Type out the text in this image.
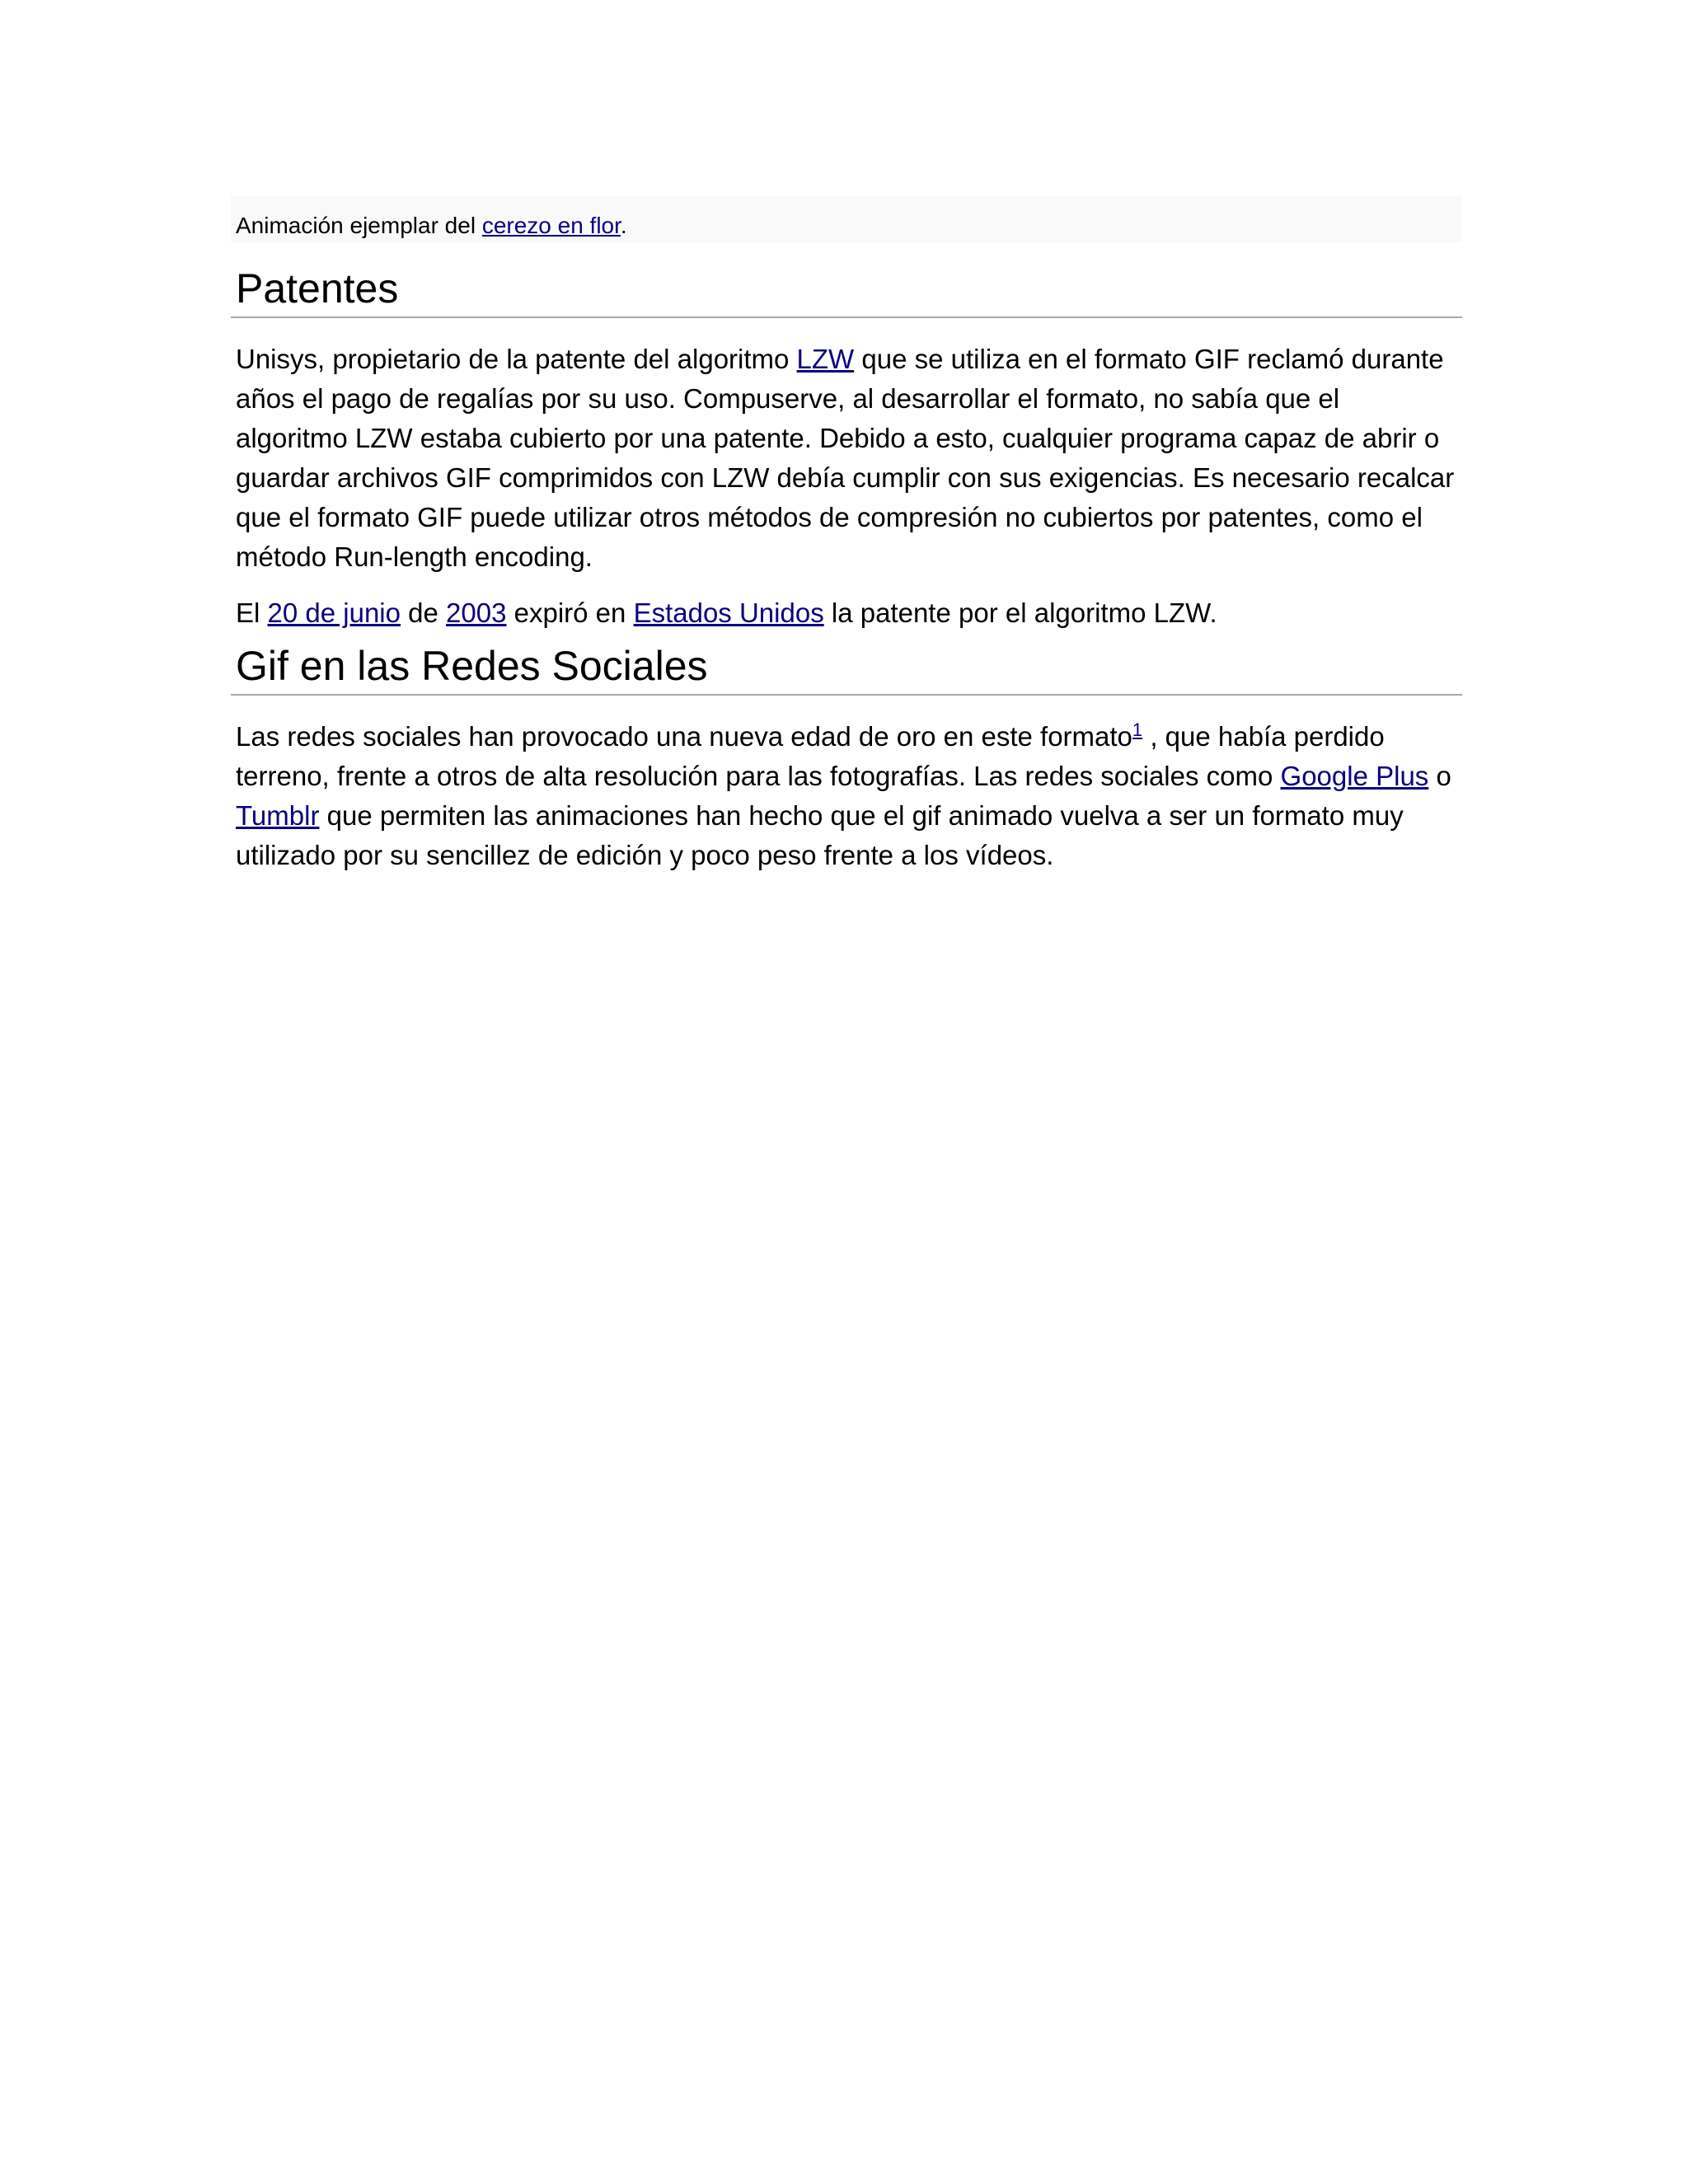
Animación ejemplar del cerezo en flor.
Patentes

Unisys, propietario de la patente del algoritmo LZW que se utiliza en el formato GIF reclamó durante años el pago de regalías por su uso. Compuserve, al desarrollar el formato, no sabía que el algoritmo LZW estaba cubierto por una patente. Debido a esto, cualquier programa capaz de abrir o guardar archivos GIF comprimidos con LZW debía cumplir con sus exigencias. Es necesario recalcar que el formato GIF puede utilizar otros métodos de compresión no cubiertos por patentes, como el método Run-length encoding.

El 20 de junio de 2003 expiró en Estados Unidos la patente por el algoritmo LZW.

Gif en las Redes Sociales

Las redes sociales han provocado una nueva edad de oro en este formato$^1$ , que había perdido terreno, frente a otros de alta resolución para las fotografías. Las redes sociales como Google Plus o Tumblr que permiten las animaciones han hecho que el gif animado vuelva a ser un formato muy utilizado por su sencillez de edición y poco peso frente a los vídeos.
